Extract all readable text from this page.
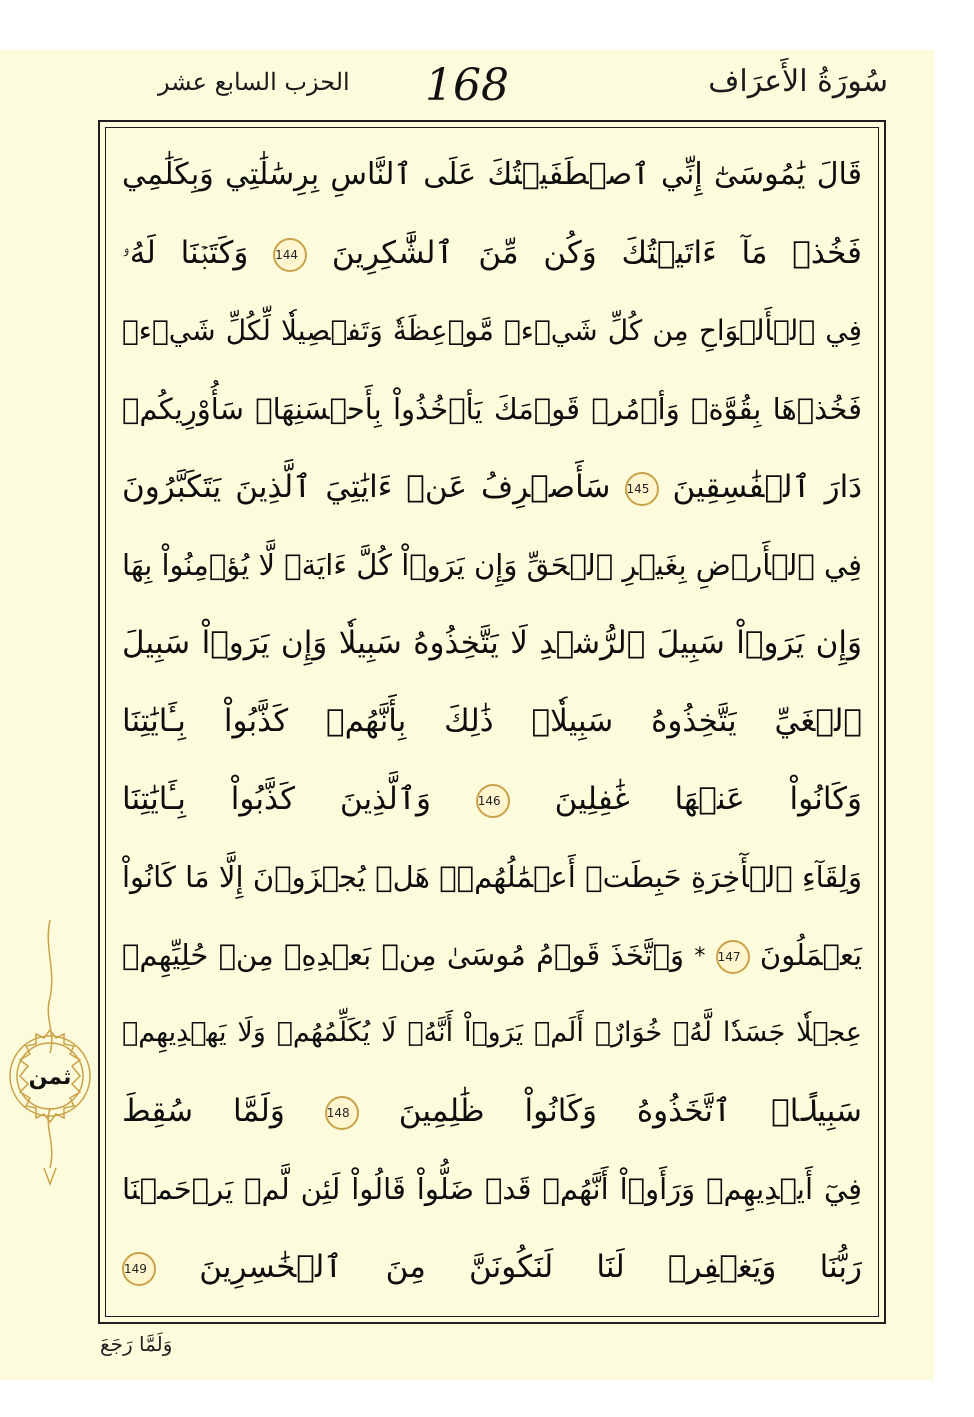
سُورَةُ الأَعرَاف
168
الحزب السابع عشر
قَالَ يَٰمُوسَىٰٓ إِنِّي ٱصۡطَفَيۡتُكَ عَلَى ٱلنَّاسِ بِرِسَٰلَٰتِي وَبِكَلَٰمِي
فَخُذۡ مَآ ءَاتَيۡتُكَ وَكُن مِّنَ ٱلشَّٰكِرِينَ 144 وَكَتَبۡنَا لَهُۥ
فِي ٱلۡأَلۡوَاحِ مِن كُلِّ شَيۡءٖ مَّوۡعِظَةٗ وَتَفۡصِيلٗا لِّكُلِّ شَيۡءٖ
فَخُذۡهَا بِقُوَّةٖ وَأۡمُرۡ قَوۡمَكَ يَأۡخُذُواْ بِأَحۡسَنِهَاۚ سَأُوْرِيكُمۡ
دَارَ ٱلۡفَٰسِقِينَ 145 سَأَصۡرِفُ عَنۡ ءَايَٰتِيَ ٱلَّذِينَ يَتَكَبَّرُونَ
فِي ٱلۡأَرۡضِ بِغَيۡرِ ٱلۡحَقِّ وَإِن يَرَوۡاْ كُلَّ ءَايَةٖ لَّا يُؤۡمِنُواْ بِهَا
وَإِن يَرَوۡاْ سَبِيلَ ٱلرُّشۡدِ لَا يَتَّخِذُوهُ سَبِيلٗا وَإِن يَرَوۡاْ سَبِيلَ
ٱلۡغَيِّ يَتَّخِذُوهُ سَبِيلٗاۚ ذَٰلِكَ بِأَنَّهُمۡ كَذَّبُواْ بِـَٔايَٰتِنَا
وَكَانُواْ عَنۡهَا غَٰفِلِينَ 146 وَٱلَّذِينَ كَذَّبُواْ بِـَٔايَٰتِنَا
وَلِقَآءِ ٱلۡأٓخِرَةِ حَبِطَتۡ أَعۡمَٰلُهُمۡۚ هَلۡ يُجۡزَوۡنَ إِلَّا مَا كَانُواْ
يَعۡمَلُونَ 147 * وَٱتَّخَذَ قَوۡمُ مُوسَىٰ مِنۢ بَعۡدِهِۦ مِنۡ حُلِيِّهِمۡ
عِجۡلٗا جَسَدٗا لَّهُۥ خُوَارٌۚ أَلَمۡ يَرَوۡاْ أَنَّهُۥ لَا يُكَلِّمُهُمۡ وَلَا يَهۡدِيهِمۡ
سَبِيلًاۘ ٱتَّخَذُوهُ وَكَانُواْ ظَٰلِمِينَ 148 وَلَمَّا سُقِطَ
فِيٓ أَيۡدِيهِمۡ وَرَأَوۡاْ أَنَّهُمۡ قَدۡ ضَلُّواْ قَالُواْ لَئِن لَّمۡ يَرۡحَمۡنَا
رَبُّنَا وَيَغۡفِرۡ لَنَا لَنَكُونَنَّ مِنَ ٱلۡخَٰسِرِينَ 149
ثمن
وَلَمَّا رَجَعَ
